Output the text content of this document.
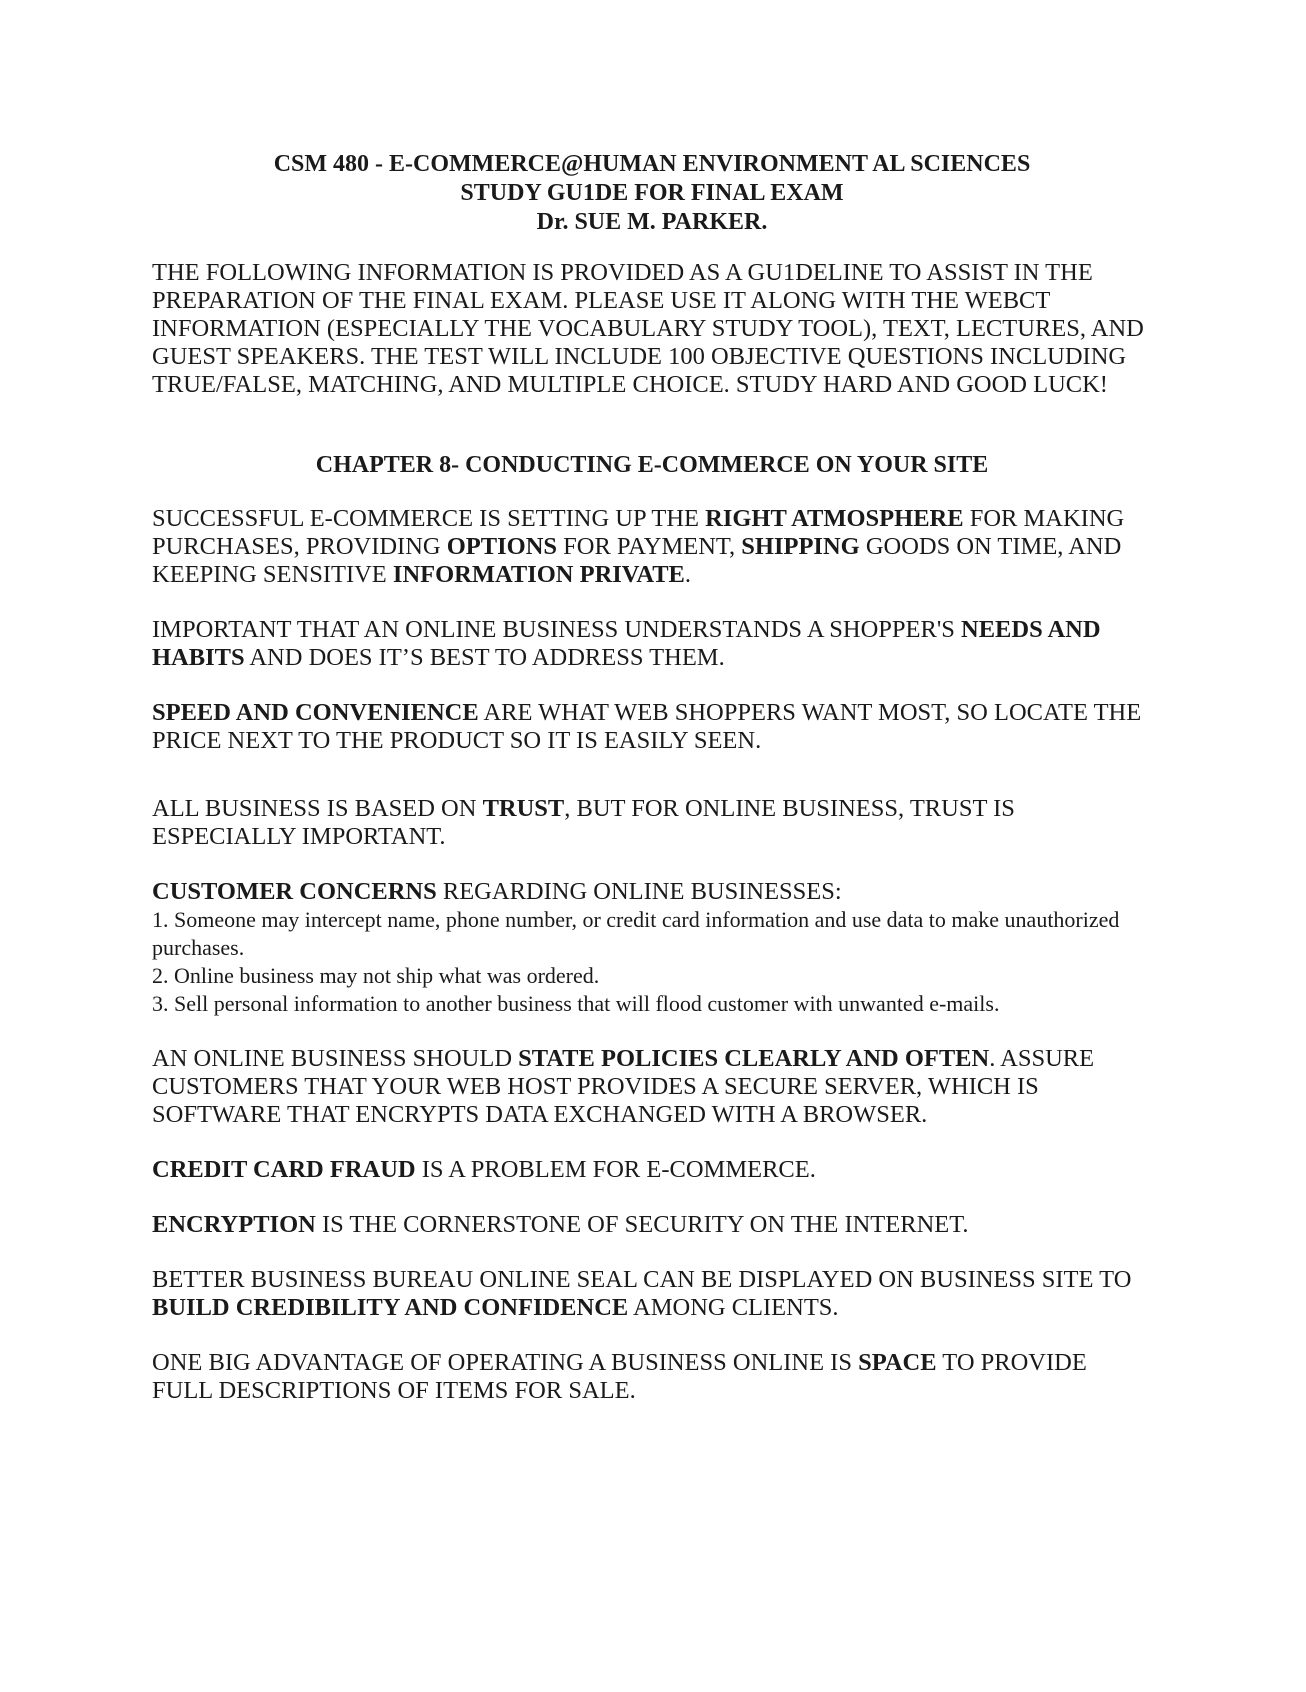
CSM 480 - E-COMMERCE@HUMAN ENVIRONMENT AL SCIENCES
STUDY GU1DE FOR FINAL EXAM
Dr. SUE M. PARKER.

THE FOLLOWING INFORMATION IS PROVIDED AS A GU1DELINE TO ASSIST IN THE PREPARATION OF THE FINAL EXAM. PLEASE USE IT ALONG WITH THE WEBCT INFORMATION (ESPECIALLY THE VOCABULARY STUDY TOOL), TEXT, LECTURES, AND GUEST SPEAKERS. THE TEST WILL INCLUDE 100 OBJECTIVE QUESTIONS INCLUDING TRUE/FALSE, MATCHING, AND MULTIPLE CHOICE. STUDY HARD AND GOOD LUCK!

CHAPTER 8- CONDUCTING E-COMMERCE ON YOUR SITE

SUCCESSFUL E-COMMERCE IS SETTING UP THE RIGHT ATMOSPHERE FOR MAKING PURCHASES, PROVIDING OPTIONS FOR PAYMENT, SHIPPING GOODS ON TIME, AND KEEPING SENSITIVE INFORMATION PRIVATE.

IMPORTANT THAT AN ONLINE BUSINESS UNDERSTANDS A SHOPPER'S NEEDS AND HABITS AND DOES IT’S BEST TO ADDRESS THEM.

SPEED AND CONVENIENCE ARE WHAT WEB SHOPPERS WANT MOST, SO LOCATE THE PRICE NEXT TO THE PRODUCT SO IT IS EASILY SEEN.

ALL BUSINESS IS BASED ON TRUST, BUT FOR ONLINE BUSINESS, TRUST IS ESPECIALLY IMPORTANT.

CUSTOMER CONCERNS REGARDING ONLINE BUSINESSES:

1. Someone may intercept name, phone number, or credit card information and use data to make unauthorized purchases.
2. Online business may not ship what was ordered.
3. Sell personal information to another business that will flood customer with unwanted e-mails.

AN ONLINE BUSINESS SHOULD STATE POLICIES CLEARLY AND OFTEN. ASSURE CUSTOMERS THAT YOUR WEB HOST PROVIDES A SECURE SERVER, WHICH IS SOFTWARE THAT ENCRYPTS DATA EXCHANGED WITH A BROWSER.

CREDIT CARD FRAUD IS A PROBLEM FOR E-COMMERCE.

ENCRYPTION IS THE CORNERSTONE OF SECURITY ON THE INTERNET.

BETTER BUSINESS BUREAU ONLINE SEAL CAN BE DISPLAYED ON BUSINESS SITE TO BUILD CREDIBILITY AND CONFIDENCE AMONG CLIENTS.

ONE BIG ADVANTAGE OF OPERATING A BUSINESS ONLINE IS SPACE TO PROVIDE FULL DESCRIPTIONS OF ITEMS FOR SALE.
